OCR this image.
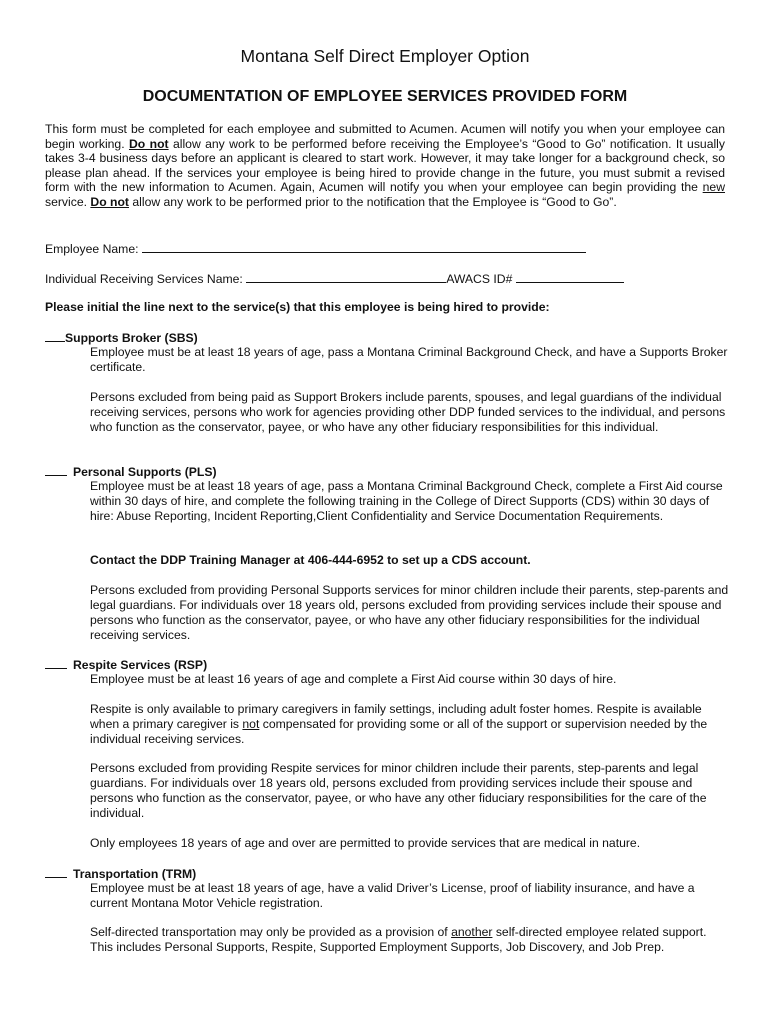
Montana Self Direct Employer Option
DOCUMENTATION OF EMPLOYEE SERVICES PROVIDED FORM
This form must be completed for each employee and submitted to Acumen. Acumen will notify you when your employee can begin working. Do not allow any work to be performed before receiving the Employee’s “Good to Go” notification. It usually takes 3-4 business days before an applicant is cleared to start work. However, it may take longer for a background check, so please plan ahead. If the services your employee is being hired to provide change in the future, you must submit a revised form with the new information to Acumen. Again, Acumen will notify you when your employee can begin providing the new service. Do not allow any work to be performed prior to the notification that the Employee is “Good to Go”.
Employee Name:
Individual Receiving Services Name:	AWACS ID#
Please initial the line next to the service(s) that this employee is being hired to provide:
Supports Broker (SBS)
Employee must be at least 18 years of age, pass a Montana Criminal Background Check, and have a Supports Broker certificate.
Persons excluded from being paid as Support Brokers include parents, spouses, and legal guardians of the individual receiving services, persons who work for agencies providing other DDP funded services to the individual, and persons who function as the conservator, payee, or who have any other fiduciary responsibilities for this individual.
Personal Supports (PLS)
Employee must be at least 18 years of age, pass a Montana Criminal Background Check, complete a First Aid course within 30 days of hire, and complete the following training in the College of Direct Supports (CDS) within 30 days of hire: Abuse Reporting, Incident Reporting,Client Confidentiality and Service Documentation Requirements.
Contact the DDP Training Manager at 406-444-6952 to set up a CDS account.
Persons excluded from providing Personal Supports services for minor children include their parents, step-parents and legal guardians. For individuals over 18 years old, persons excluded from providing services include their spouse and persons who function as the conservator, payee, or who have any other fiduciary responsibilities for the individual receiving services.
Respite Services (RSP)
Employee must be at least 16 years of age and complete a First Aid course within 30 days of hire.
Respite is only available to primary caregivers in family settings, including adult foster homes. Respite is available when a primary caregiver is not compensated for providing some or all of the support or supervision needed by the individual receiving services.
Persons excluded from providing Respite services for minor children include their parents, step-parents and legal guardians. For individuals over 18 years old, persons excluded from providing services include their spouse and persons who function as the conservator, payee, or who have any other fiduciary responsibilities for the care of the individual.
Only employees 18 years of age and over are permitted to provide services that are medical in nature.
Transportation (TRM)
Employee must be at least 18 years of age, have a valid Driver’s License, proof of liability insurance, and have a current Montana Motor Vehicle registration.
Self-directed transportation may only be provided as a provision of another self-directed employee related support. This includes Personal Supports, Respite, Supported Employment Supports, Job Discovery, and Job Prep.
